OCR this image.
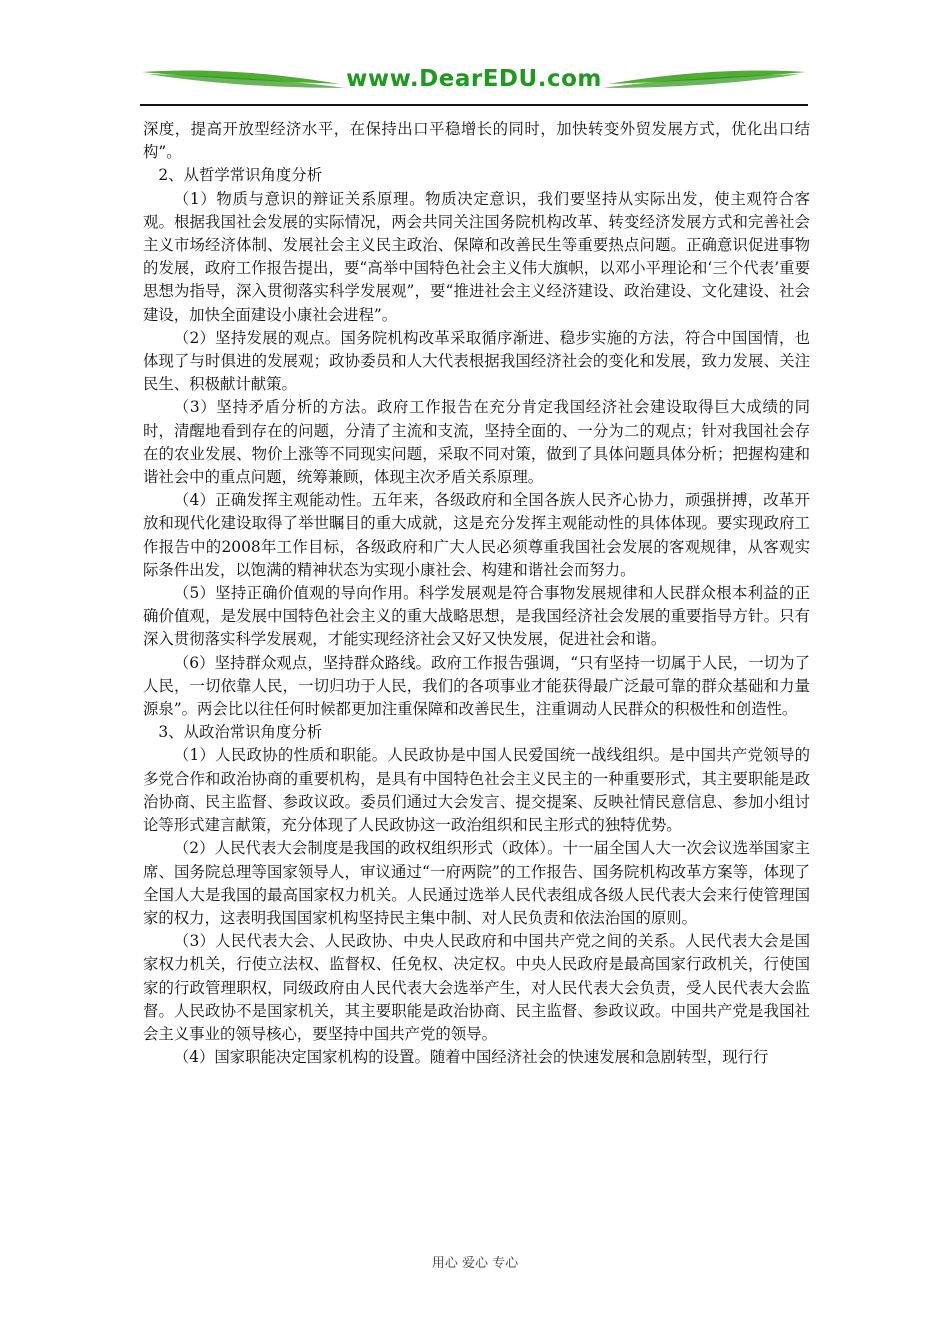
www.DearEDU.com

深度，提高开放型经济水平，在保持出口平稳增长的同时，加快转变外贸发展方式，优化出口结构”。

2、从哲学常识角度分析

（1）物质与意识的辩证关系原理。物质决定意识，我们要坚持从实际出发，使主观符合客观。根据我国社会发展的实际情况，两会共同关注国务院机构改革、转变经济发展方式和完善社会主义市场经济体制、发展社会主义民主政治、保障和改善民生等重要热点问题。正确意识促进事物的发展，政府工作报告提出，要“高举中国特色社会主义伟大旗帜，以邓小平理论和‘三个代表’重要思想为指导，深入贯彻落实科学发展观”，要“推进社会主义经济建设、政治建设、文化建设、社会建设，加快全面建设小康社会进程”。

（2）坚持发展的观点。国务院机构改革采取循序渐进、稳步实施的方法，符合中国国情，也体现了与时俱进的发展观；政协委员和人大代表根据我国经济社会的变化和发展，致力发展、关注民生、积极献计献策。

（3）坚持矛盾分析的方法。政府工作报告在充分肯定我国经济社会建设取得巨大成绩的同时，清醒地看到存在的问题，分清了主流和支流，坚持全面的、一分为二的观点；针对我国社会存在的农业发展、物价上涨等不同现实问题，采取不同对策，做到了具体问题具体分析；把握构建和谐社会中的重点问题，统筹兼顾，体现主次矛盾关系原理。

（4）正确发挥主观能动性。五年来，各级政府和全国各族人民齐心协力，顽强拼搏，改革开放和现代化建设取得了举世瞩目的重大成就，这是充分发挥主观能动性的具体体现。要实现政府工作报告中的2008年工作目标，各级政府和广大人民必须尊重我国社会发展的客观规律，从客观实际条件出发，以饱满的精神状态为实现小康社会、构建和谐社会而努力。

（5）坚持正确价值观的导向作用。科学发展观是符合事物发展规律和人民群众根本利益的正确价值观，是发展中国特色社会主义的重大战略思想，是我国经济社会发展的重要指导方针。只有深入贯彻落实科学发展观，才能实现经济社会又好又快发展，促进社会和谐。

（6）坚持群众观点，坚持群众路线。政府工作报告强调，“只有坚持一切属于人民，一切为了人民，一切依靠人民，一切归功于人民，我们的各项事业才能获得最广泛最可靠的群众基础和力量源泉”。两会比以往任何时候都更加注重保障和改善民生，注重调动人民群众的积极性和创造性。

3、从政治常识角度分析

（1）人民政协的性质和职能。人民政协是中国人民爱国统一战线组织。是中国共产党领导的多党合作和政治协商的重要机构，是具有中国特色社会主义民主的一种重要形式，其主要职能是政治协商、民主监督、参政议政。委员们通过大会发言、提交提案、反映社情民意信息、参加小组讨论等形式建言献策，充分体现了人民政协这一政治组织和民主形式的独特优势。

（2）人民代表大会制度是我国的政权组织形式（政体）。十一届全国人大一次会议选举国家主席、国务院总理等国家领导人，审议通过“一府两院”的工作报告、国务院机构改革方案等，体现了全国人大是我国的最高国家权力机关。人民通过选举人民代表组成各级人民代表大会来行使管理国家的权力，这表明我国国家机构坚持民主集中制、对人民负责和依法治国的原则。

（3）人民代表大会、人民政协、中央人民政府和中国共产党之间的关系。人民代表大会是国家权力机关，行使立法权、监督权、任免权、决定权。中央人民政府是最高国家行政机关，行使国家的行政管理职权，同级政府由人民代表大会选举产生，对人民代表大会负责，受人民代表大会监督。人民政协不是国家机关，其主要职能是政治协商、民主监督、参政议政。中国共产党是我国社会主义事业的领导核心，要坚持中国共产党的领导。

（4）国家职能决定国家机构的设置。随着中国经济社会的快速发展和急剧转型，现行行

用心 爱心 专心
